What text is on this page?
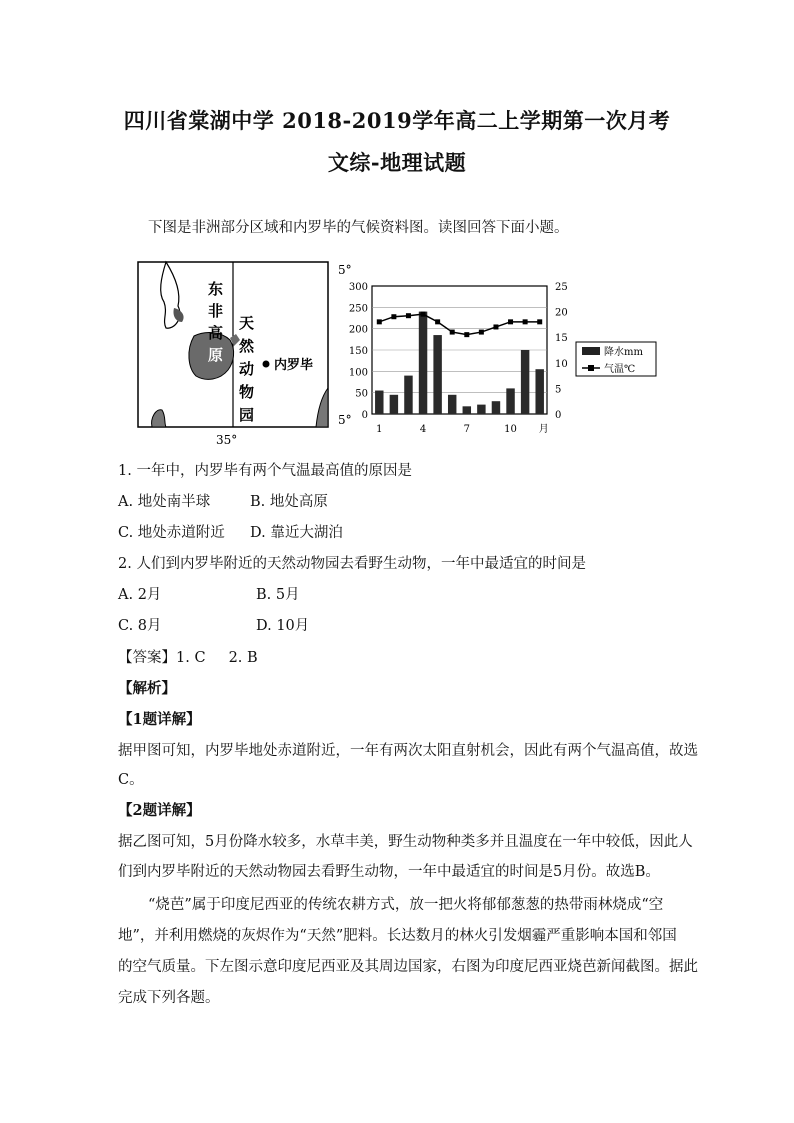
四川省棠湖中学 2018-2019学年高二上学期第一次月考
文综-地理试题
下图是非洲部分区域和内罗毕的气候资料图。读图回答下面小题。
5°
5°
35°
东
非
高
原
天
然
动
物
园
内罗毕
0
50
100
150
200
250
300
0
5
10
15
20
25
1	4	7	10 月
降水mm
气温℃
1. 一年中，内罗毕有两个气温最高值的原因是
A. 地处南半球	B. 地处高原
C. 地处赤道附近 D. 靠近大湖泊
2. 人们到内罗毕附近的天然动物园去看野生动物，一年中最适宜的时间是
A. 2月	B. 5月
C. 8月	D. 10月
【答案】1. C     2. B
【解析】
【1题详解】
据甲图可知，内罗毕地处赤道附近，一年有两次太阳直射机会，因此有两个气温高值，故选
C。
【2题详解】
据乙图可知，5月份降水较多，水草丰美，野生动物种类多并且温度在一年中较低，因此人
们到内罗毕附近的天然动物园去看野生动物，一年中最适宜的时间是5月份。故选B。
“烧芭”属于印度尼西亚的传统农耕方式，放一把火将郁郁葱葱的热带雨林烧成“空
地”，并利用燃烧的灰烬作为“天然”肥料。长达数月的林火引发烟霾严重影响本国和邻国
的空气质量。下左图示意印度尼西亚及其周边国家，右图为印度尼西亚烧芭新闻截图。据此
完成下列各题。
